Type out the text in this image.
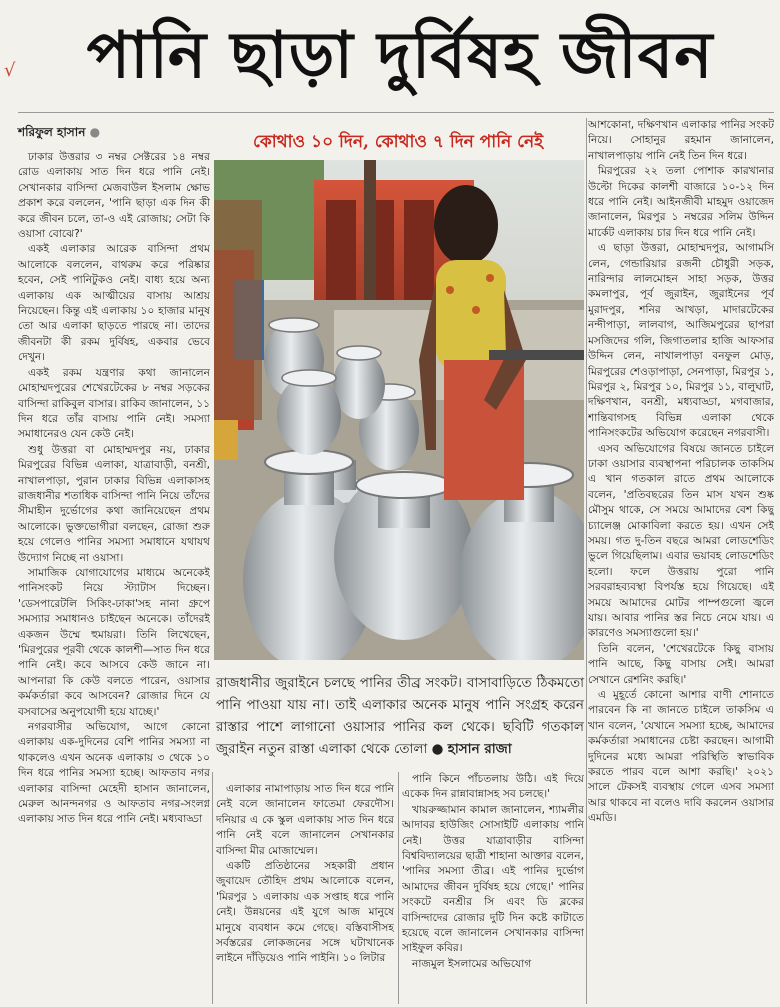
√	পানি ছাড়া দুর্বিষহ জীবন
শরিফুল হাসান ●	কোথাও ১০ দিন, কোথাও ৭ দিন পানি নেই
রাজধানীর জুরাইনে চলছে পানির তীব্র সংকট। বাসাবাড়িতে ঠিকমতো পানি পাওয়া যায় না। তাই এলাকার অনেক মানুষ পানি সংগ্রহ করেন রাস্তার পাশে লাগানো ওয়াসার পানির কল থেকে। ছবিটি গতকাল জুরাইন নতুন রাস্তা এলাকা থেকে তোলা ● হাসান রাজা

ঢাকার উত্তরার ৩ নম্বর সেক্টরের ১৪ নম্বর রোড এলাকায় সাত দিন ধরে পানি নেই। সেখানকার বাসিন্দা মেজবাউল ইসলাম ক্ষোভ প্রকাশ করে বললেন, 'পানি ছাড়া এক দিন কী করে জীবন চলে, তা-ও এই রোজায়; সেটা কি ওয়াসা বোঝে?'

একই এলাকার আরেক বাসিন্দা প্রথম আলোকে বললেন, বাথরুম করে পরিষ্কার হবেন, সেই পানিটুকও নেই। বাধ্য হয়ে অন্য এলাকায় এক আত্মীয়ের বাসায় আশ্রয় নিয়েছেন। কিন্তু এই এলাকায় ১০ হাজার মানুষ তো আর এলাকা ছাড়তে পারছে না। তাদের জীবনটা কী রকম দুর্বিষহ, একবার ভেবে দেখুন।

একই রকম যন্ত্রণার কথা জানালেন মোহাম্মদপুরের শেখেরটেকের ৮ নম্বর সড়কের বাসিন্দা রাকিবুল বাসার। রাকিব জানালেন, ১১ দিন ধরে তাঁর বাসায় পানি নেই। সমস্যা সমাধানেরও যেন কেউ নেই।

শুধু উত্তরা বা মোহাম্মদপুর নয়, ঢাকার মিরপুরের বিভিন্ন এলাকা, যাত্রাবাড়ী, বনশ্রী, নাখালপাড়া, পুরান ঢাকার বিভিন্ন এলাকাসহ রাজধানীর শতাধিক বাসিন্দা পানি নিয়ে তাঁদের সীমাহীন দুর্ভোগের কথা জানিয়েছেন প্রথম আলোকে। ভুক্তভোগীরা বলছেন, রোজা শুরু হয়ে গেলেও পানির সমস্যা সমাধানে যথাযথ উদ্যোগ নিচ্ছে না ওয়াসা।

সামাজিক যোগাযোগের মাধ্যমে অনেকেই পানিসংকট নিয়ে স্ট্যাটাস দিচ্ছেন। 'ডেসপারেটলি সিকিং-ঢাকা'সহ নানা গ্রুপে সমস্যার সমাধানও চাইছেন অনেকে। তাঁদেরই একজন উম্মে হুমায়রা। তিনি লিখেছেন, 'মিরপুরের পূরবী থেকে কালশী—সাত দিন ধরে পানি নেই। কবে আসবে কেউ জানে না। আপনারা কি কেউ বলতে পারেন, ওয়াসার কর্মকর্তারা কবে আসবেন? রোজার দিনে যে বসবাসের অনুপযোগী হয়ে যাচ্ছে।'

নগরবাসীর অভিযোগ, আগে কোনো এলাকায় এক-দুদিনের বেশি পানির সমস্যা না থাকলেও এখন অনেক এলাকায় ৩ থেকে ১০ দিন ধরে পানির সমস্যা হচ্ছে। আফতাব নগর এলাকার বাসিন্দা মেহেদী হাসান জানালেন, মেরুল আনন্দনগর ও আফতাব নগর-সংলগ্ন এলাকায় সাত দিন ধরে পানি নেই। মধ্যবাড্ডা

এলাকার নামাপাড়ায় সাত দিন ধরে পানি নেই বলে জানালেন ফাতেমা ফেরদৌস। দনিয়ার এ কে স্কুল এলাকায় সাত দিন ধরে পানি নেই বলে জানালেন সেখানকার বাসিন্দা মীর মোজাম্মেল।

একটি প্রতিষ্ঠানের সহকারী প্রধান জুবায়েদ তৌহিদ প্রথম আলোকে বলেন, 'মিরপুর ১ এলাকায় এক সপ্তাহ ধরে পানি নেই। উন্নয়নের এই যুগে আজ মানুষে মানুষে ব্যবধান কমে গেছে। বস্তিবাসীসহ সর্বস্তরের লোকজনের সঙ্গে ঘটাখানেক লাইনে দাঁড়িয়েও পানি পাইনি। ১০ লিটার

পানি কিনে পাঁচতলায় উঠি। এই দিয়ে একেক দিন রান্নাবান্নাসহ সব চলছে।'

খায়রুজ্জামান কামাল জানালেন, শ্যামলীর আদাবর হাউজিং সোসাইটি এলাকায় পানি নেই। উত্তর যাত্রাবাড়ীর বাসিন্দা বিশ্ববিদ্যালয়ের ছাত্রী শাহানা আক্তার বলেন, 'পানির সমস্যা তীব্র। এই পানির দুর্ভোগ আমাদের জীবন দুর্বিষহ হয়ে গেছে।' পানির সংকটে বনশ্রীর সি এবং ডি ব্লকের বাসিন্দাদের রোজার দুটি দিন কষ্টে কাটাতে হয়েছে বলে জানালেন সেখানকার বাসিন্দা সাইফুল কবির।

নাজমুল ইসলামের অভিযোগ

আশকোনা, দক্ষিণখান এলাকার পানির সংকট নিয়ে। সোহানুর রহমান জানালেন, নাখালপাড়ায় পানি নেই তিন দিন ধরে।

মিরপুরের ২২ তলা পোশাক কারখানার উল্টো দিকের কালশী বাজারে ১০-১২ দিন ধরে পানি নেই। আইনজীবী মাহমুদ ওয়াজেদ জানালেন, মিরপুর ১ নম্বরের সলিম উদ্দিন মার্কেট এলাকায় চার দিন ধরে পানি নেই।

এ ছাড়া উত্তরা, মোহাম্মদপুর, আগামসি লেন, গেন্ডারিয়ার রজনী চৌধুরী সড়ক, নারিন্দার লালমোহন সাহা সড়ক, উত্তর কমলাপুর, পূর্ব জুরাইন, জুরাইনের পূর্ব মুরাদপুর, শনির আখড়া, মাদারটেকের নন্দীপাড়া, লালবাগ, আজিমপুরের ছাপরা মসজিদের গলি, জিগাতলার হাজি আফসার উদ্দিন লেন, নাখালপাড়া বনফুল মোড়, মিরপুরের শেওড়াপাড়া, সেনপাড়া, মিরপুর ১, মিরপুর ২, মিরপুর ১০, মিরপুর ১১, বালুঘাট, দক্ষিণখান, বনশ্রী, মধ্যবাড্ডা, মগবাজার, শান্তিবাগসহ বিভিন্ন এলাকা থেকে পানিসংকটের অভিযোগ করেছেন নগরবাসী।

এসব অভিযোগের বিষয়ে জানতে চাইলে ঢাকা ওয়াসার ব্যবস্থাপনা পরিচালক তাকসিম এ খান গতকাল রাতে প্রথম আলোকে বলেন, 'প্রতিবছরের তিন মাস যখন শুষ্ক মৌসুম থাকে, সে সময়ে আমাদের বেশ কিছু চ্যালেঞ্জ মোকাবিলা করতে হয়। এখন সেই সময়। গত দু-তিন বছরে আমরা লোডশেডিং ভুলে গিয়েছিলাম। এবার ভয়াবহ লোডশেডিং হলো। ফলে উত্তরায় পুরো পানি সরবরাহব্যবস্থা বিপর্যস্ত হয়ে গিয়েছে। এই সময়ে আমাদের মোটর পাম্পগুলো জ্বলে যায়। আবার পানির স্তর নিচে নেমে যায়। এ কারণেও সমস্যাগুলো হয়।'

তিনি বলেন, 'শেখেরটেকে কিছু বাসায় পানি আছে, কিছু বাসায় সেই। আমরা সেখানে রেশনিং করছি।'

এ মুহূর্তে কোনো আশার বাণী শোনাতে পারবেন কি না জানতে চাইলে তাকসিম এ খান বলেন, 'যেখানে সমস্যা হচ্ছে, আমাদের কর্মকর্তারা সমাধানের চেষ্টা করছেন। আগামী দুদিনের মধ্যে আমরা পরিস্থিতি স্বাভাবিক করতে পারব বলে আশা করছি।' ২০২১ সালে টেকসই ব্যবস্থায় গেলে এসব সমস্যা আর থাকবে না বলেও দাবি করলেন ওয়াসার এমডি।
